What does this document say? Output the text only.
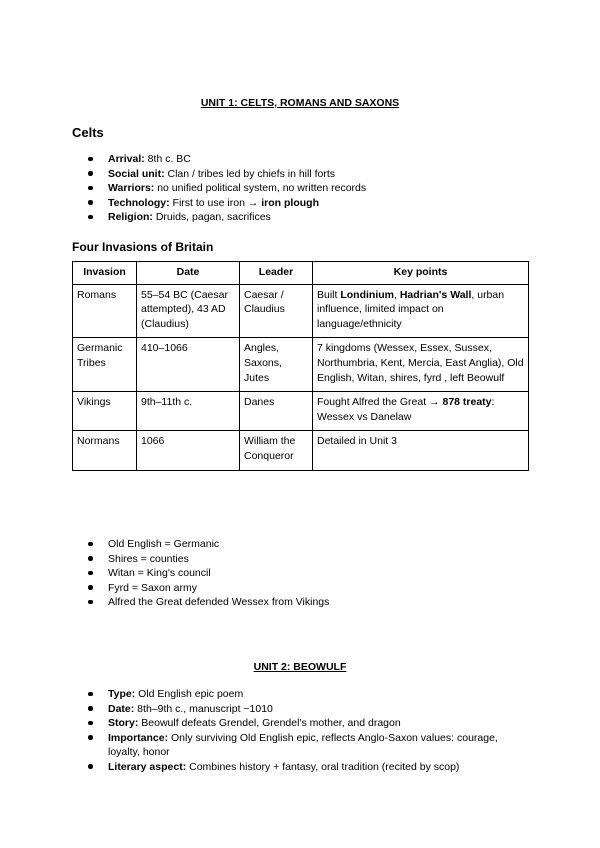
UNIT 1: CELTS, ROMANS AND SAXONS
Celts
Arrival: 8th c. BC
Social unit: Clan / tribes led by chiefs in hill forts
Warriors: no unified political system, no written records
Technology: First to use iron → iron plough
Religion: Druids, pagan, sacrifices
Four Invasions of Britain
Invasion	Date	Leader	Key points
Romans	55–54 BC (Caesar attempted), 43 AD (Claudius)	Caesar / Claudius	Built Londinium, Hadrian's Wall, urban influence, limited impact on language/ethnicity
Germanic Tribes	410–1066	Angles, Saxons, Jutes	7 kingdoms (Wessex, Essex, Sussex, Northumbria, Kent, Mercia, East Anglia), Old English, Witan, shires, fyrd , left Beowulf
Vikings	9th–11th c.	Danes	Fought Alfred the Great → 878 treaty: Wessex vs Danelaw
Normans	1066	William the Conqueror	Detailed in Unit 3
Old English = Germanic
Shires = counties
Witan = King's council
Fyrd = Saxon army
Alfred the Great defended Wessex from Vikings
UNIT 2: BEOWULF
Type: Old English epic poem
Date: 8th–9th c., manuscript ~1010
Story: Beowulf defeats Grendel, Grendel's mother, and dragon
Importance: Only surviving Old English epic, reflects Anglo-Saxon values: courage, loyalty, honor
Literary aspect: Combines history + fantasy, oral tradition (recited by scop)
